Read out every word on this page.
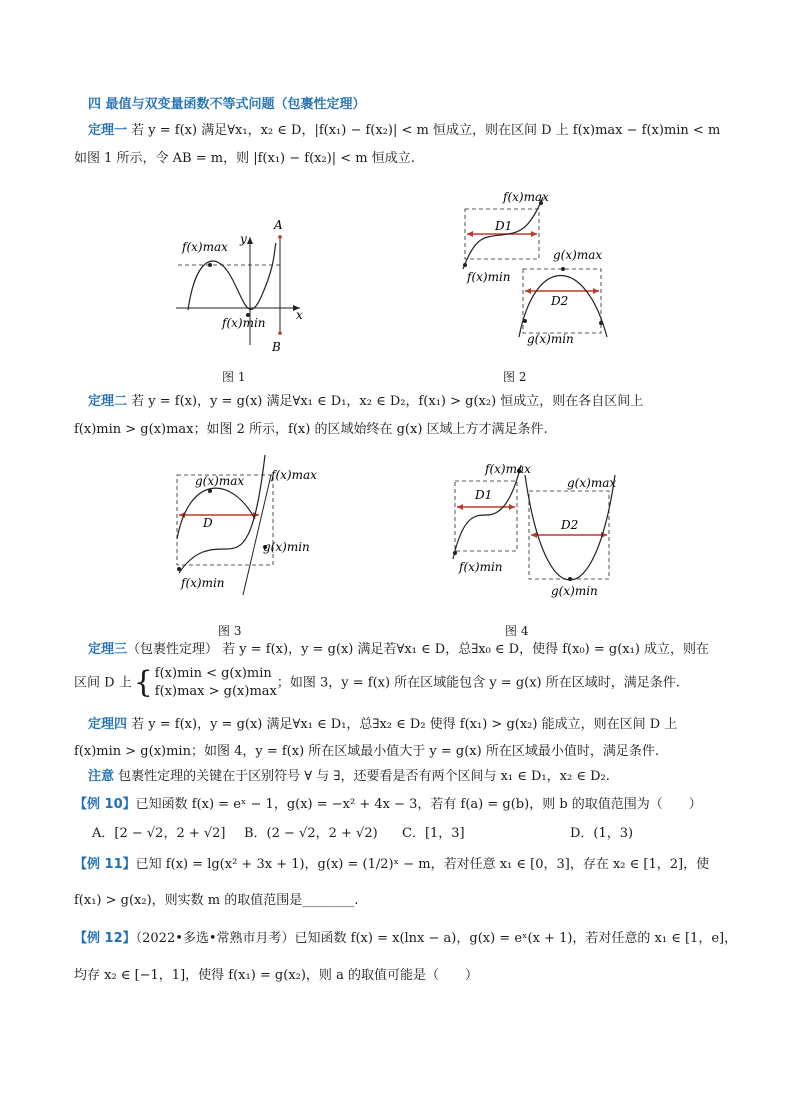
四 最值与双变量函数不等式问题（包裹性定理）
定理一 若 y = f(x) 满足∀x₁，x₂ ∈ D，|f(x₁) − f(x₂)| < m 恒成立，则在区间 D 上 f(x)max − f(x)min < m
如图 1 所示，令 AB = m，则 |f(x₁) − f(x₂)| < m 恒成立.
f(x)max
f(x)min
A
B
x
y
图 1
f(x)max
D1
f(x)min
g(x)max
D2
g(x)min
图 2
定理二 若 y = f(x)，y = g(x) 满足∀x₁ ∈ D₁，x₂ ∈ D₂，f(x₁) > g(x₂) 恒成立，则在各自区间上
f(x)min > g(x)max；如图 2 所示，f(x) 的区域始终在 g(x) 区域上方才满足条件.
g(x)max f(x)max
D
g(x)min
f(x)min
图 3
f(x)max
g(x)max
D1
D2
f(x)min
g(x)min
图 4
定理三（包裹性定理） 若 y = f(x)，y = g(x) 满足若∀x₁ ∈ D，总∃x₀ ∈ D，使得 f(x₀) = g(x₁) 成立，则在
区间 D 上{ f(x)min < g(x)min
f(x)max > g(x)max
；如图 3，y = f(x) 所在区域能包含 y = g(x) 所在区域时，满足条件.
定理四 若 y = f(x)，y = g(x) 满足∀x₁ ∈ D₁，总∃x₂ ∈ D₂ 使得 f(x₁) > g(x₂) 能成立，则在区间 D 上
f(x)min > g(x)min；如图 4，y = f(x) 所在区域最小值大于 y = g(x) 所在区域最小值时，满足条件.
注意 包裹性定理的关键在于区别符号 ∀ 与 ∃，还要看是否有两个区间与 x₁ ∈ D₁，x₂ ∈ D₂.
【例 10】已知函数 f(x) = eˣ − 1，g(x) = −x² + 4x − 3，若有 f(a) = g(b)，则 b 的取值范围为（　　）
A．[2 − √2，2 + √2] B．(2 − √2，2 + √2) C．[1，3]	D．(1，3)
【例 11】已知 f(x) = lg(x² + 3x + 1)，g(x) = (1/2)ˣ − m，若对任意 x₁ ∈ [0，3]，存在 x₂ ∈ [1，2]，使
f(x₁) > g(x₂)，则实数 m 的取值范围是________.
【例 12】（2022•多选•常熟市月考）已知函数 f(x) = x(lnx − a)，g(x) = eˣ(x + 1)，若对任意的 x₁ ∈ [1，e]，
均存 x₂ ∈ [−1，1]，使得 f(x₁) = g(x₂)，则 a 的取值可能是（　　）
